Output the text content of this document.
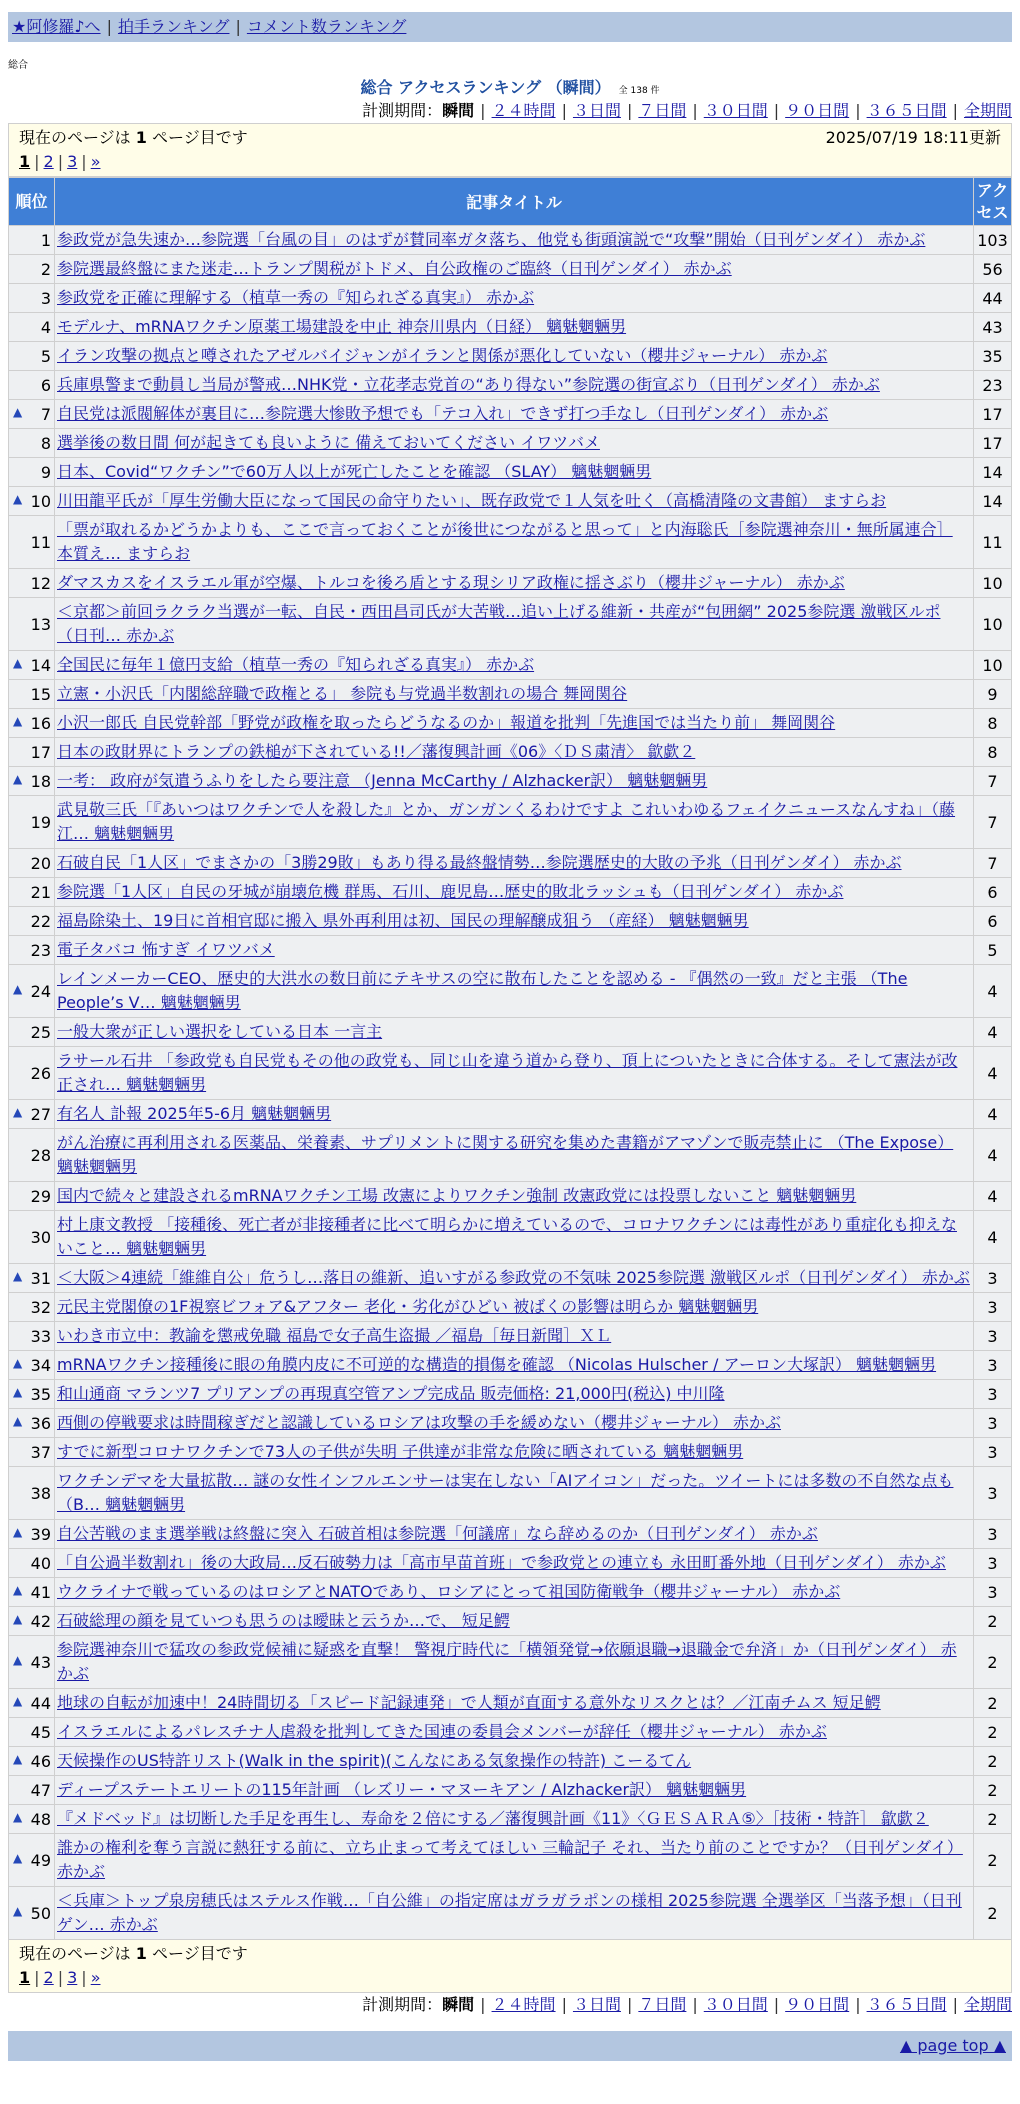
★阿修羅♪へ | 拍手ランキング | コメント数ランキング
総合
総合 アクセスランキング （瞬間） 全 138 件
計測期間：瞬間 | ２４時間 | ３日間 | ７日間 | ３０日間 | ９０日間 | ３６５日間 | 全期間
現在のページは 1 ページ目です	2025/07/19 18:11更新
1 | 2 | 3 | »
順位	記事タイトル	アクセス
1	参政党が急失速か…参院選「台風の目」のはずが賛同率ガタ落ち、他党も街頭演説で“攻撃”開始（日刊ゲンダイ） 赤かぶ	103
2	参院選最終盤にまた迷走…トランプ関税がトドメ、自公政権のご臨終（日刊ゲンダイ） 赤かぶ	56
3	参政党を正確に理解する（植草一秀の『知られざる真実』） 赤かぶ	44
4	モデルナ、mRNAワクチン原薬工場建設を中止 神奈川県内（日経） 魑魅魍魎男	43
5	イラン攻撃の拠点と噂されたアゼルバイジャンがイランと関係が悪化していない（櫻井ジャーナル） 赤かぶ	35
6	兵庫県警まで動員し当局が警戒…NHK党・立花孝志党首の“あり得ない”参院選の街宣ぶり（日刊ゲンダイ） 赤かぶ	23

▲ 7	自民党は派閥解体が裏目に…参院選大惨敗予想でも「テコ入れ」できず打つ手なし（日刊ゲンダイ） 赤かぶ	17
8	選挙後の数日間 何が起きても良いように 備えておいてください イワツバメ	17
9	日本、Covid“ワクチン”で60万人以上が死亡したことを確認 （SLAY） 魑魅魍魎男	14

▲ 10	川田龍平氏が「厚生労働大臣になって国民の命守りたい」、既存政党で１人気を吐く（高橋清隆の文書館） ますらお	14
11	「票が取れるかどうかよりも、ここで言っておくことが後世につながると思って」と内海聡氏［参院選神奈川・無所属連合］ 本質え… ますらお	11
12	ダマスカスをイスラエル軍が空爆、トルコを後ろ盾とする現シリア政権に揺さぶり（櫻井ジャーナル） 赤かぶ	10
13	＜京都＞前回ラクラク当選が一転、自民・西田昌司氏が大苦戦…追い上げる維新・共産が“包囲網” 2025参院選 激戦区ルポ（日刊… 赤かぶ	10

▲ 14	全国民に毎年１億円支給（植草一秀の『知られざる真実』） 赤かぶ	10
15	立憲・小沢氏「内閣総辞職で政権とる」 参院も与党過半数割れの場合 舞岡関谷	9

▲ 16	小沢一郎氏 自民党幹部「野党が政権を取ったらどうなるのか」報道を批判「先進国では当たり前」 舞岡関谷	8
17	日本の政財界にトランプの鉄槌が下されている!!／藩復興計画《06》〈ＤＳ粛清〉 歙歔２	8

▲ 18	一考： 政府が気遣うふりをしたら要注意 （Jenna McCarthy / Alzhacker訳） 魑魅魍魎男	7
19	武見敬三氏「『あいつはワクチンで人を殺した』とか、ガンガンくるわけですよ これいわゆるフェイクニュースなんすね」（藤江… 魑魅魍魎男	7
20	石破自民「1人区」でまさかの「3勝29敗」もあり得る最終盤情勢…参院選歴史的大敗の予兆（日刊ゲンダイ） 赤かぶ	7
21	参院選「1人区」自民の牙城が崩壊危機 群馬、石川、鹿児島…歴史的敗北ラッシュも（日刊ゲンダイ） 赤かぶ	6
22	福島除染土、19日に首相官邸に搬入 県外再利用は初、国民の理解醸成狙う （産経） 魑魅魍魎男	6
23	電子タバコ 怖すぎ イワツバメ	5

▲ 24	レインメーカーCEO、歴史的大洪水の数日前にテキサスの空に散布したことを認める - 『偶然の一致』だと主張 （The People’s V… 魑魅魍魎男	4
25	一般大衆が正しい選択をしている日本 一言主	4
26	ラサール石井 「参政党も自民党もその他の政党も、同じ山を違う道から登り、頂上についたときに合体する。そして憲法が改正され… 魑魅魍魎男	4

▲ 27	有名人 訃報 2025年5-6月 魑魅魍魎男	4
28	がん治療に再利用される医薬品、栄養素、サプリメントに関する研究を集めた書籍がアマゾンで販売禁止に （The Expose） 魑魅魍魎男	4
29	国内で続々と建設されるmRNAワクチン工場 改憲によりワクチン強制 改憲政党には投票しないこと 魑魅魍魎男	4
30	村上康文教授 「接種後、死亡者が非接種者に比べて明らかに増えているので、コロナワクチンには毒性があり重症化も抑えないこと… 魑魅魍魎男	4

▲ 31	＜大阪＞4連続「維維自公」危うし…落日の維新、追いすがる参政党の不気味 2025参院選 激戦区ルポ（日刊ゲンダイ） 赤かぶ	3
32	元民主党閣僚の1F視察ビフォア&アフター 老化・劣化がひどい 被ばくの影響は明らか 魑魅魍魎男	3
33	いわき市立中：教諭を懲戒免職 福島で女子高生盗撮 ／福島［毎日新聞］ＸＬ	3

▲ 34	mRNAワクチン接種後に眼の角膜内皮に不可逆的な構造的損傷を確認 （Nicolas Hulscher / アーロン大塚訳） 魑魅魍魎男	3

▲ 35	和山通商 マランツ7 プリアンプの再現真空管アンプ完成品 販売価格: 21,000円(税込) 中川隆	3

▲ 36	西側の停戦要求は時間稼ぎだと認識しているロシアは攻撃の手を緩めない（櫻井ジャーナル） 赤かぶ	3
37	すでに新型コロナワクチンで73人の子供が失明 子供達が非常な危険に晒されている 魑魅魍魎男	3
38	ワクチンデマを大量拡散… 謎の女性インフルエンサーは実在しない「AIアイコン」だった。ツイートには多数の不自然な点も（B… 魑魅魍魎男	3

▲ 39	自公苦戦のまま選挙戦は終盤に突入 石破首相は参院選「何議席」なら辞めるのか（日刊ゲンダイ） 赤かぶ	3
40	「自公過半数割れ」後の大政局…反石破勢力は「高市早苗首班」で参政党との連立も 永田町番外地（日刊ゲンダイ） 赤かぶ	3

▲ 41	ウクライナで戦っているのはロシアとNATOであり、ロシアにとって祖国防衛戦争（櫻井ジャーナル） 赤かぶ	3

▲ 42	石破総理の顔を見ていつも思うのは曖昧と云うか…で、 短足鰐	2

▲ 43	参院選神奈川で猛攻の参政党候補に疑惑を直撃！ 警視庁時代に「横領発覚→依願退職→退職金で弁済」か（日刊ゲンダイ） 赤かぶ	2

▲ 44	地球の自転が加速中！24時間切る「スピード記録連発」で人類が直面する意外なリスクとは？／江南チムス 短足鰐	2
45	イスラエルによるパレスチナ人虐殺を批判してきた国連の委員会メンバーが辞任（櫻井ジャーナル） 赤かぶ	2

▲ 46	天候操作のUS特許リスト(Walk in the spirit)(こんなにある気象操作の特許) こーるてん	2
47	ディープステートエリートの115年計画 （レズリー・マヌーキアン / Alzhacker訳） 魑魅魍魎男	2

▲ 48	『メドベッド』は切断した手足を再生し、寿命を２倍にする／藩復興計画《11》〈ＧＥＳＡＲＡ⑤〉［技術・特許］ 歙歔２	2

▲ 49	誰かの権利を奪う言説に熱狂する前に、立ち止まって考えてほしい 三輪記子 それ、当たり前のことですか？（日刊ゲンダイ） 赤かぶ	2

▲ 50	＜兵庫＞トップ泉房穂氏はステルス作戦…「自公維」の指定席はガラガラポンの様相 2025参院選 全選挙区「当落予想」（日刊ゲン… 赤かぶ	2
現在のページは 1 ページ目です
1 | 2 | 3 | »
計測期間：瞬間 | ２４時間 | ３日間 | ７日間 | ３０日間 | ９０日間 | ３６５日間 | 全期間
▲ page top ▲
